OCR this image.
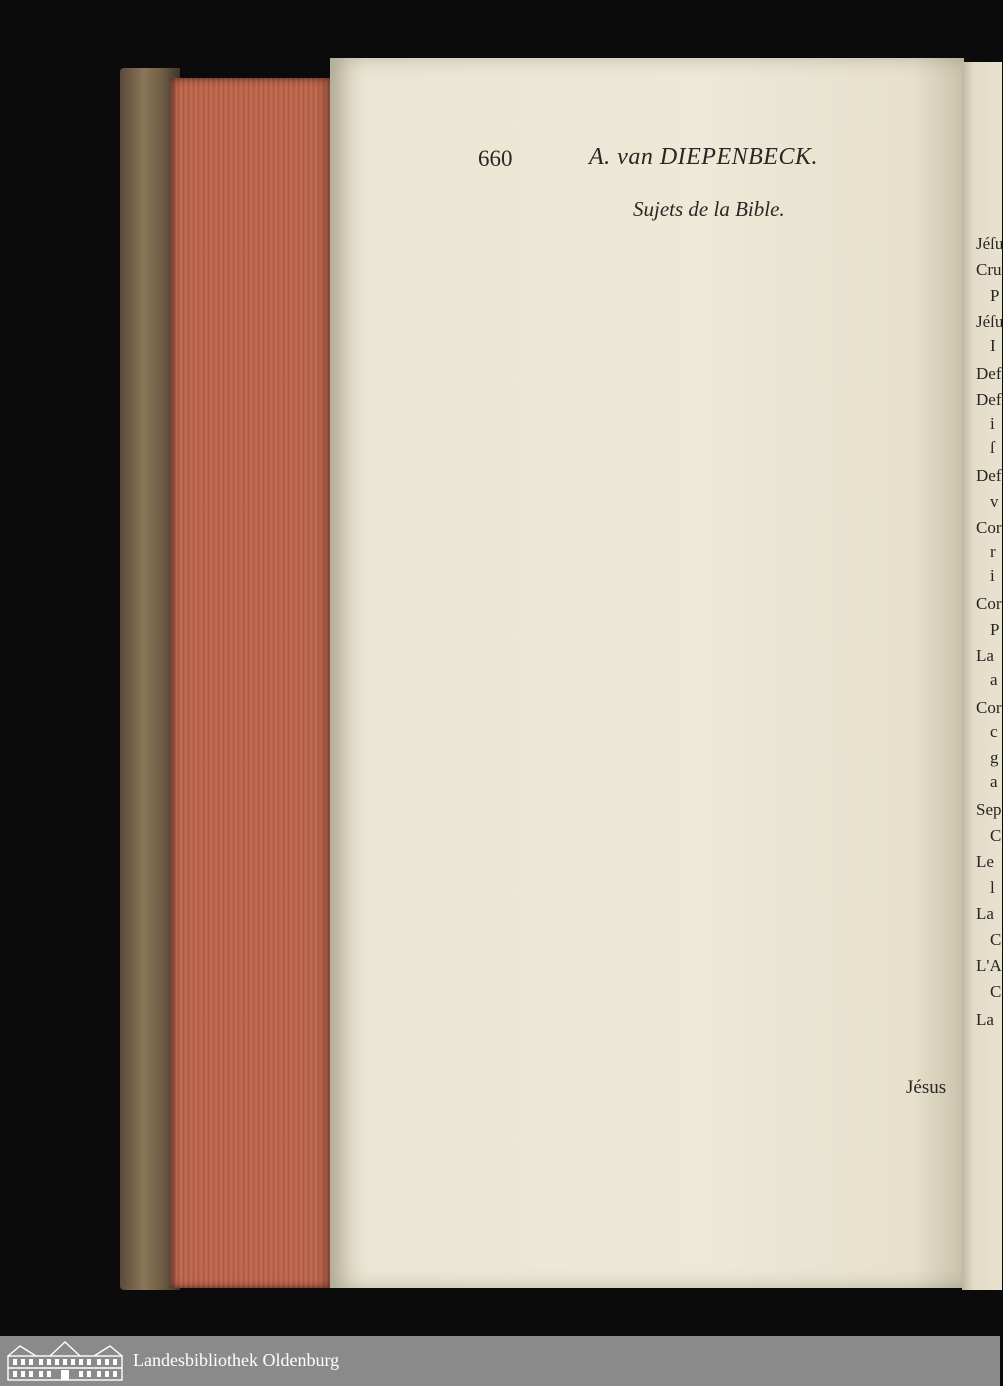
Jéſu
Cru
P
Jéſu
I
Def
Def
i
ſ
Def
v
Cor
r
i
Cor
P
La
a
Cor
c
g
a
Sep
C
Le
l
La
C
L'A
C
La
660	A. van DIEPENBECK.
Sujets de la Bible.
Jésus
Landesbibliothek Oldenburg
